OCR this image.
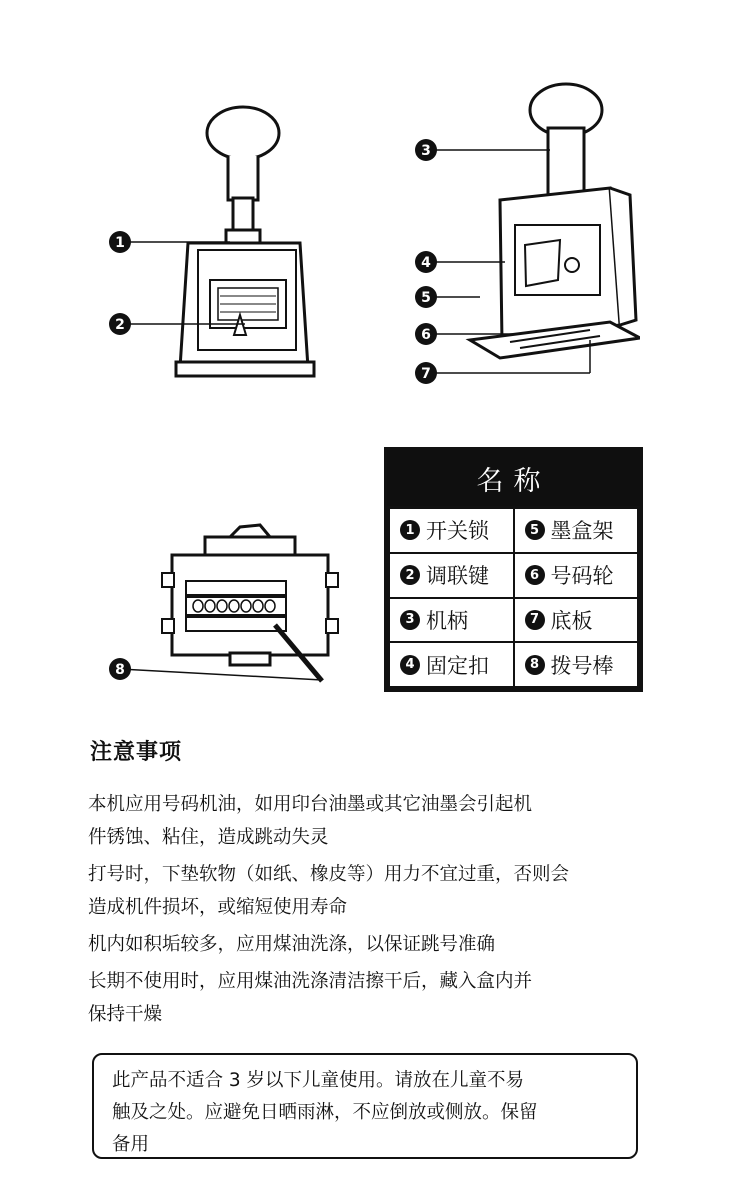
1
2
3
4
5
6
7
8
名称
1 开关锁	5 墨盒架
2 调联键	6 号码轮
3 机柄	7 底板
4 固定扣	8 拨号棒
注意事项
本机应用号码机油，如用印台油墨或其它油墨会引起机
件锈蚀、粘住，造成跳动失灵
打号时，下垫软物（如纸、橡皮等）用力不宜过重，否则会
造成机件损坏，或缩短使用寿命
机内如积垢较多，应用煤油洗涤，以保证跳号准确
长期不使用时，应用煤油洗涤清洁擦干后，藏入盒内并
保持干燥
此产品不适合 3 岁以下儿童使用。请放在儿童不易
触及之处。应避免日晒雨淋，不应倒放或侧放。保留
备用
